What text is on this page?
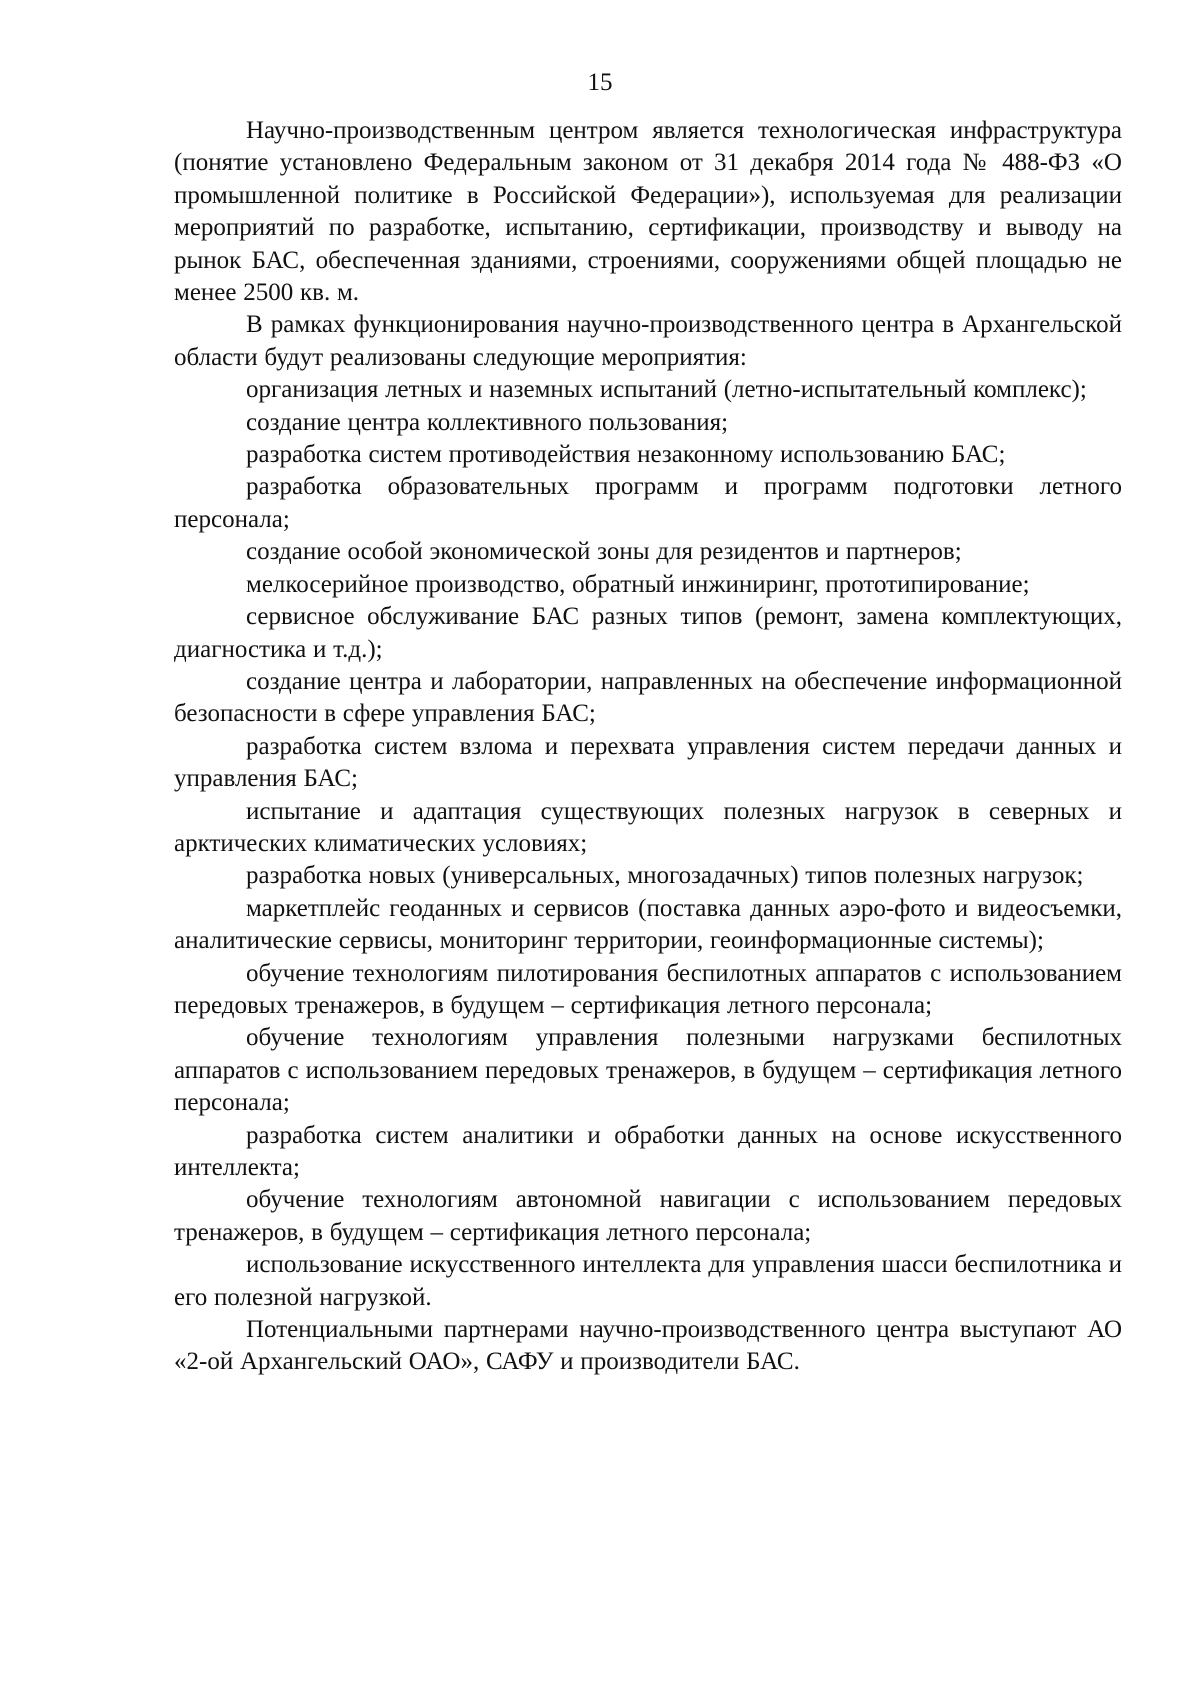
15

Научно-производственным центром является технологическая инфраструктура (понятие установлено Федеральным законом от 31 декабря 2014 года № 488-ФЗ «О промышленной политике в Российской Федерации»), используемая для реализации мероприятий по разработке, испытанию, сертификации, производству и выводу на рынок БАС, обеспеченная зданиями, строениями, сооружениями общей площадью не менее 2500 кв. м.

В рамках функционирования научно-производственного центра в Архангельской области будут реализованы следующие мероприятия:

организация летных и наземных испытаний (летно-испытательный комплекс);

создание центра коллективного пользования;

разработка систем противодействия незаконному использованию БАС;

разработка образовательных программ и программ подготовки летного персонала;

создание особой экономической зоны для резидентов и партнеров;

мелкосерийное производство, обратный инжиниринг, прототипирование;

сервисное обслуживание БАС разных типов (ремонт, замена комплектующих, диагностика и т.д.);

создание центра и лаборатории, направленных на обеспечение информационной безопасности в сфере управления БАС;

разработка систем взлома и перехвата управления систем передачи данных и управления БАС;

испытание и адаптация существующих полезных нагрузок в северных и арктических климатических условиях;

разработка новых (универсальных, многозадачных) типов полезных нагрузок;

маркетплейс геоданных и сервисов (поставка данных аэро-фото и видеосъемки, аналитические сервисы, мониторинг территории, геоинформационные системы);

обучение технологиям пилотирования беспилотных аппаратов с использованием передовых тренажеров, в будущем – сертификация летного персонала;

обучение технологиям управления полезными нагрузками беспилотных аппаратов с использованием передовых тренажеров, в будущем – сертификация летного персонала;

разработка систем аналитики и обработки данных на основе искусственного интеллекта;

обучение технологиям автономной навигации с использованием передовых тренажеров, в будущем – сертификация летного персонала;

использование искусственного интеллекта для управления шасси беспилотника и его полезной нагрузкой.

Потенциальными партнерами научно-производственного центра выступают АО «2-ой Архангельский ОАО», САФУ и производители БАС.
